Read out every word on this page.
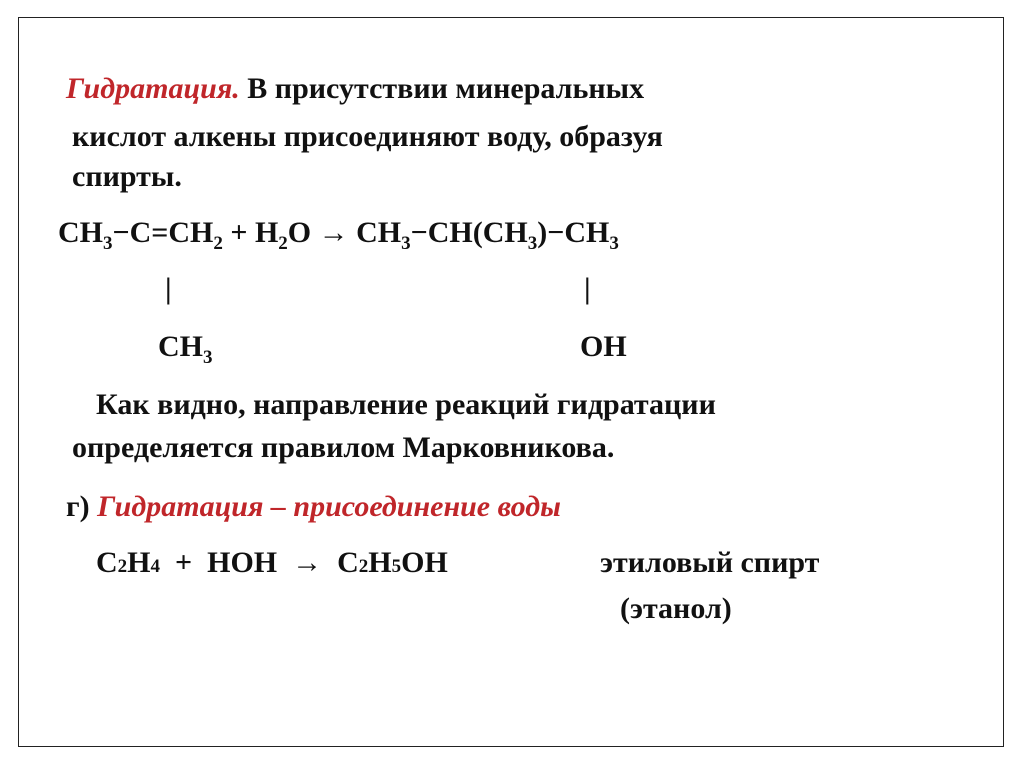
Гидратация. В присутствии минеральных
кислот алкены присоединяют воду, образуя
спирты.
$CH_3-C=CH_2 + H_2O \to CH_3-CH(CH_3)-CH_3$
|	|
$CH_3$	OH
Как видно, направление реакций гидратации
определяется правилом Марковникова.
г) Гидратация – присоединение воды
C2H4  +  HOH  →  C2H5OH	этиловый спирт
(этанол)
